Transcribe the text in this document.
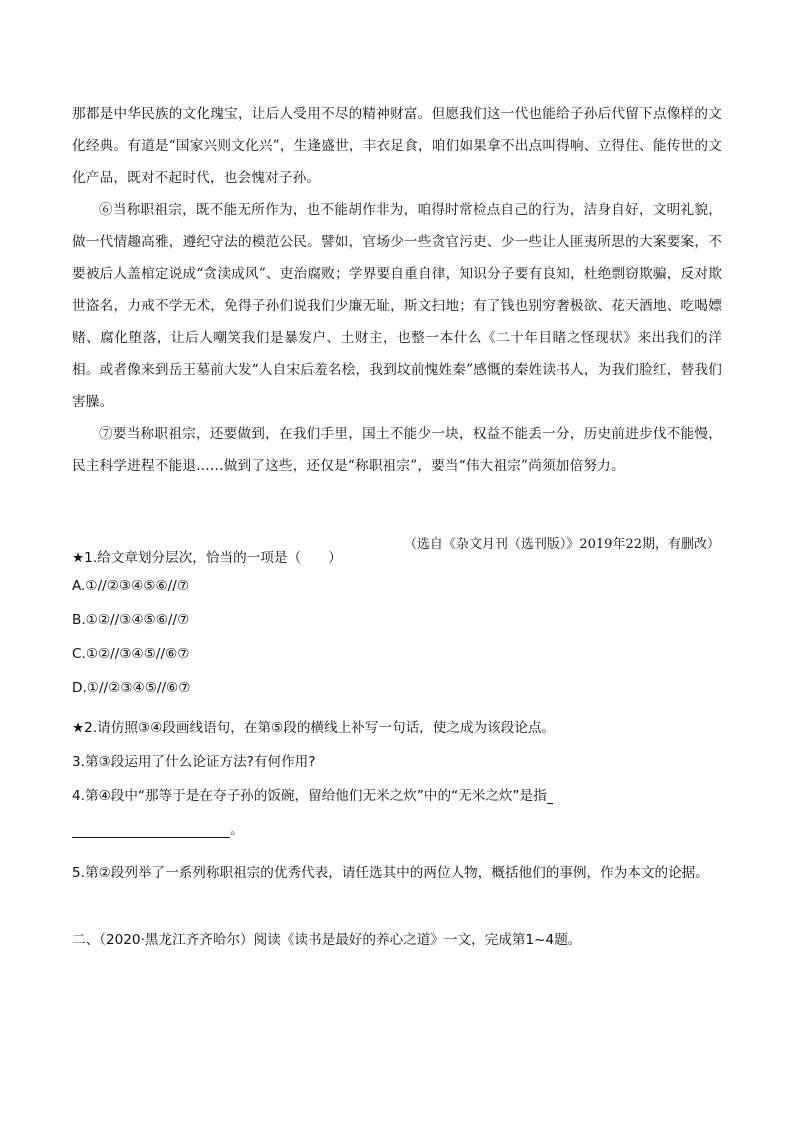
那都是中华民族的文化瑰宝，让后人受用不尽的精神财富。但愿我们这一代也能给子孙后代留下点像样的文化经典。有道是“国家兴则文化兴”，生逢盛世，丰衣足食，咱们如果拿不出点叫得响、立得住、能传世的文化产品，既对不起时代，也会愧对子孙。

⑥当称职祖宗，既不能无所作为，也不能胡作非为，咱得时常检点自己的行为，洁身自好，文明礼貌，做一代情趣高雅，遵纪守法的模范公民。譬如，官场少一些贪官污吏、少一些让人匪夷所思的大案要案，不要被后人盖棺定说成“贪渎成风”、吏治腐败；学界要自重自律，知识分子要有良知，杜绝剽窃欺骗，反对欺世盗名，力戒不学无术，免得子孙们说我们少廉无耻，斯文扫地；有了钱也别穷奢极欲、花天酒地、吃喝嫖赌、腐化堕落，让后人嘲笑我们是暴发户、土财主，也整一本什么《二十年目睹之怪现状》来出我们的洋相。或者像来到岳王墓前大发“人自宋后羞名桧，我到坟前愧姓秦”感慨的秦姓读书人，为我们脸红，替我们害臊。

⑦要当称职祖宗，还要做到，在我们手里，国土不能少一块，权益不能丢一分，历史前进步伐不能慢，民主科学进程不能退……做到了这些，还仅是“称职祖宗”，要当“伟大祖宗”尚须加倍努力。

（选自《杂文月刊（选刊版）》2019年22期，有删改）
★1.给文章划分层次，恰当的一项是（　　）
A.①//②③④⑤⑥//⑦
B.①②//③④⑤⑥//⑦
C.①②//③④⑤//⑥⑦
D.①//②③④⑤//⑥⑦
★2.请仿照③④段画线语句，在第⑤段的横线上补写一句话，使之成为该段论点。
3.第③段运用了什么论证方法?有何作用?
4.第④段中“那等于是在夺子孙的饭碗，留给他们无米之炊”中的“无米之炊”是指
。
5.第②段列举了一系列称职祖宗的优秀代表，请任选其中的两位人物，概括他们的事例，作为本文的论据。
二、（2020·黑龙江齐齐哈尔）阅读《读书是最好的养心之道》一文，完成第1~4题。
